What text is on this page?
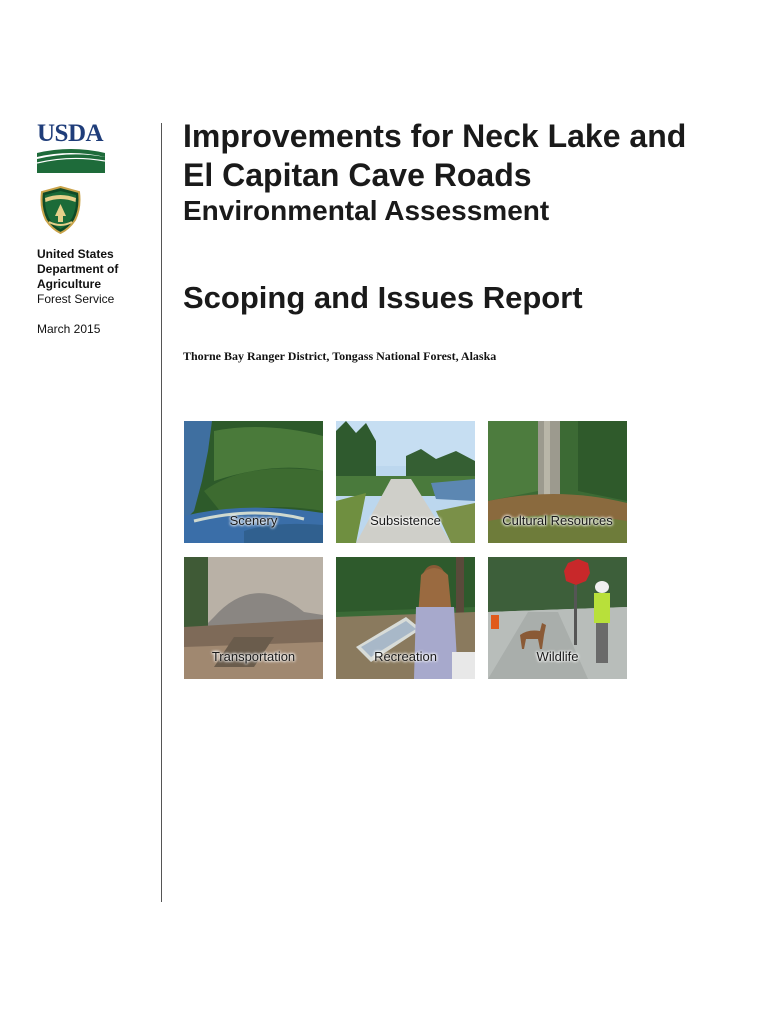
USDA
United States
Department of
Agriculture
Forest Service
March 2015
Improvements for Neck Lake and
El Capitan Cave Roads
Environmental Assessment
Scoping and Issues Report
Thorne Bay Ranger District, Tongass National Forest, Alaska
Scenery	Subsistence	Cultural Resources
Transportation	Recreation	Wildlife
